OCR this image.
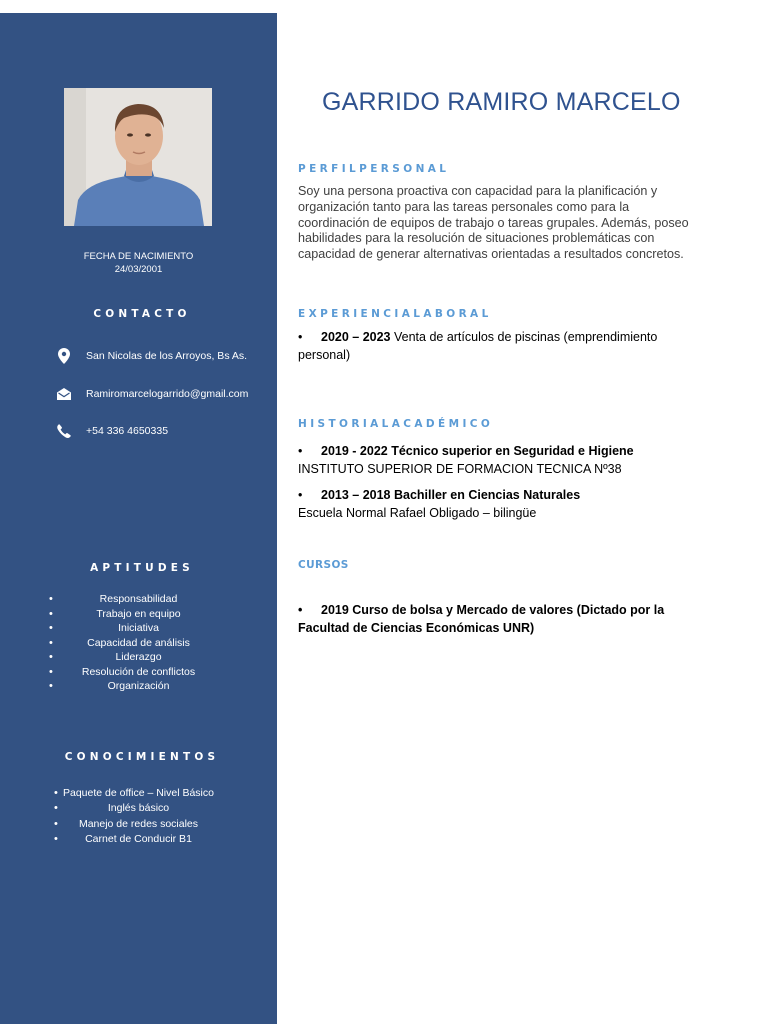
FECHA DE NACIMIENTO
24/03/2001
CONTACTO
San Nicolas de los Arroyos, Bs As.
Ramiromarcelogarrido@gmail.com
+54 336 4650335
APTITUDES
• Responsabilidad
• Trabajo en equipo
• Iniciativa
• Capacidad de análisis
• Liderazgo
• Resolución de conflictos
• Organización
CONOCIMIENTOS
• Paquete de office – Nivel Básico
• Inglés básico
• Manejo de redes sociales
• Carnet de Conducir B1
GARRIDO RAMIRO MARCELO
PERFILPERSONAL
Soy una persona proactiva con capacidad para la planificación y organización tanto para las tareas personales como para la coordinación de equipos de trabajo o tareas grupales. Además, poseo habilidades para la resolución de situaciones problemáticas con capacidad de generar alternativas orientadas a resultados concretos.
EXPERIENCIALABORAL
• 2020 – 2023 Venta de artículos de piscinas (emprendimiento personal)
HISTORIALACADÉMICO
• 2019 - 2022 Técnico superior en Seguridad e Higiene
INSTITUTO SUPERIOR DE FORMACION TECNICA Nº38
• 2013 – 2018 Bachiller en Ciencias Naturales
Escuela Normal Rafael Obligado – bilingüe
CURSOS
• 2019 Curso de bolsa y Mercado de valores (Dictado por la Facultad de Ciencias Económicas UNR)
